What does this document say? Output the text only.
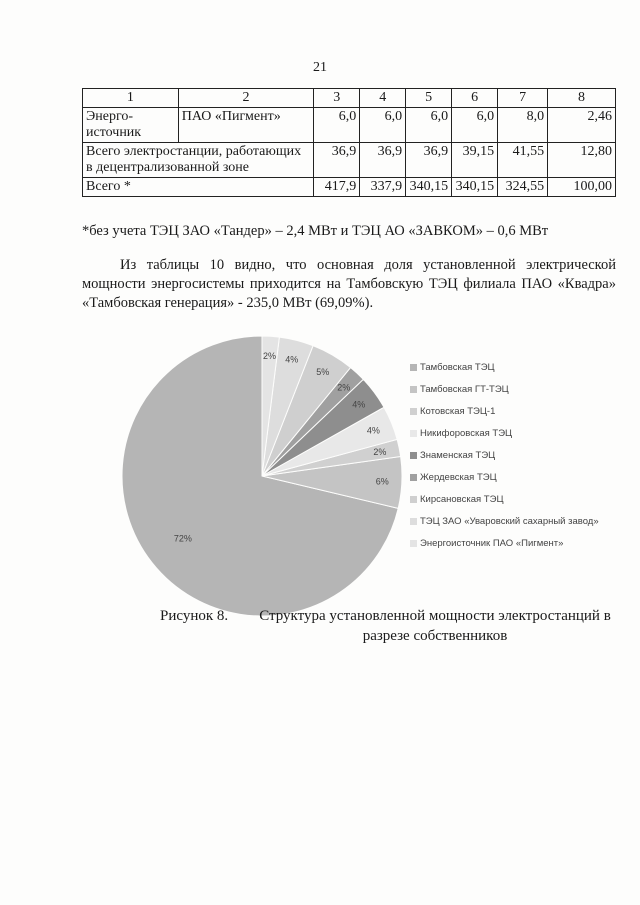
21
1	2	3	4	5	6	7	8
Энерго-источник	ПАО «Пигмент»	6,0	6,0	6,0	6,0	8,0	2,46
Всего электростанции, работающих в децентрализованной зоне		36,9	36,9	36,9	39,15	41,55	12,80
Всего *		417,9	337,9	340,15	340,15	324,55	100,00
*без учета ТЭЦ ЗАО «Тандер» – 2,4 МВт и ТЭЦ АО «ЗАВКОМ» – 0,6 МВт
Из таблицы 10 видно, что основная доля установленной электрической мощности энергосистемы приходится на Тамбовскую ТЭЦ филиала ПАО «Квадра» «Тамбовская генерация» - 235,0 МВт (69,09%).
72%
6%
2%
4%
4%
2%
5%
4%
2%
Тамбовская ТЭЦ
Тамбовская ГТ-ТЭЦ
Котовская ТЭЦ-1
Никифоровская ТЭЦ
Знаменская ТЭЦ
Жердевская ТЭЦ
Кирсановская ТЭЦ
ТЭЦ ЗАО «Уваровский сахарный завод»
Энергоисточник ПАО «Пигмент»
Рисунок 8.	Структура установленной мощности электростанций в разрезе собственников
